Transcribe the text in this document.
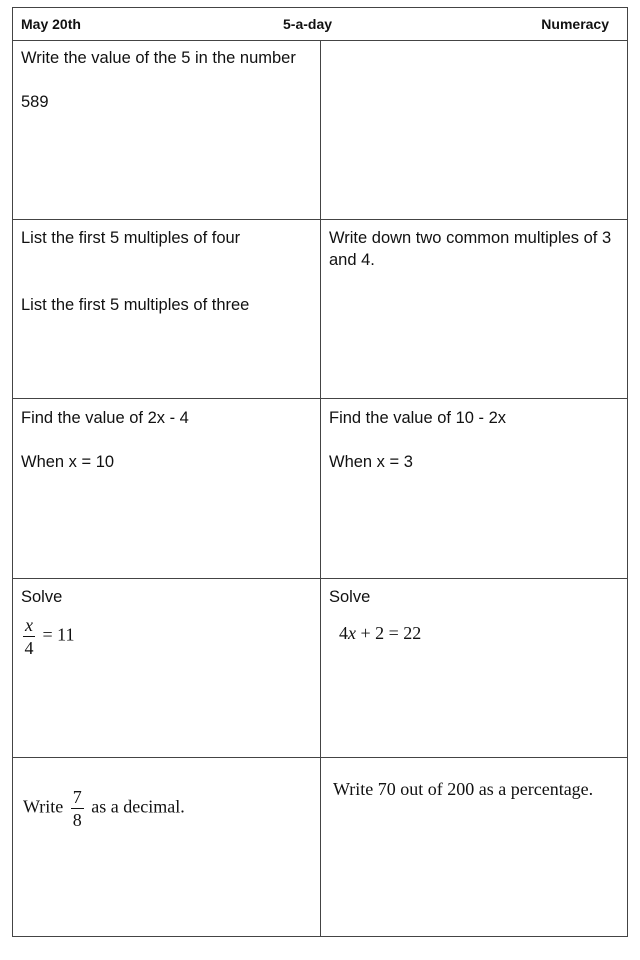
May 20th	5-a-day	Numeracy

Write the value of the 5 in the number

589

List the first 5 multiples of four

List the first 5 multiples of three

Write down two common multiples of 3 and 4.

Find the value of 2x - 4

When x = 10

Find the value of 10 - 2x

When x = 3

Solve

$\frac{x}{4} = 11$

Solve

4x + 2 = 22
Write $\frac{7}{8}$ as a decimal.

Write 70 out of 200 as a percentage.
